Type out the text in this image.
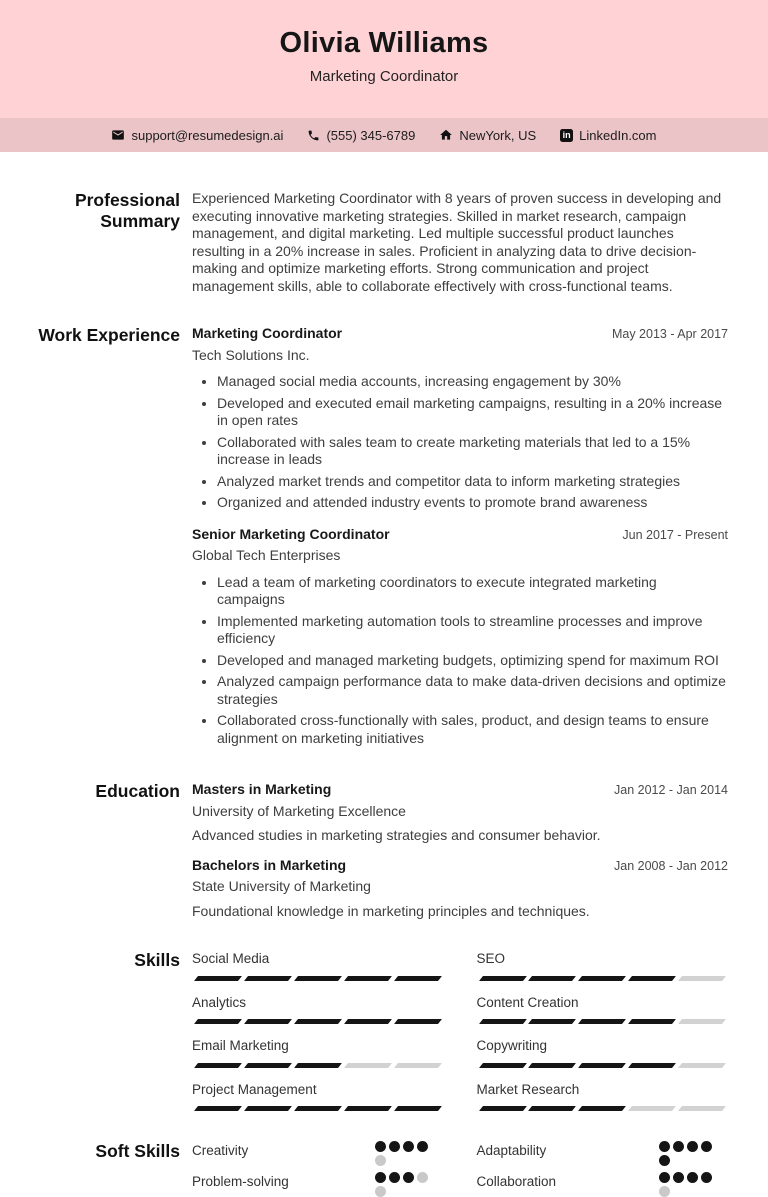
Olivia Williams
Marketing Coordinator
support@resumedesign.ai	(555) 345-6789	NewYork, US	in LinkedIn.com
Professional Summary

Experienced Marketing Coordinator with 8 years of proven success in developing and executing innovative marketing strategies. Skilled in market research, campaign management, and digital marketing. Led multiple successful product launches resulting in a 20% increase in sales. Proficient in analyzing data to drive decision-making and optimize marketing efforts. Strong communication and project management skills, able to collaborate effectively with cross-functional teams.

Work Experience Marketing Coordinator	May 2013 - Apr 2017
Tech Solutions Inc.
• Managed social media accounts, increasing engagement by 30%
• Developed and executed email marketing campaigns, resulting in a 20% increase in open rates
• Collaborated with sales team to create marketing materials that led to a 15% increase in leads
• Analyzed market trends and competitor data to inform marketing strategies
• Organized and attended industry events to promote brand awareness
Senior Marketing Coordinator	Jun 2017 - Present
Global Tech Enterprises
• Lead a team of marketing coordinators to execute integrated marketing campaigns
• Implemented marketing automation tools to streamline processes and improve efficiency
• Developed and managed marketing budgets, optimizing spend for maximum ROI
• Analyzed campaign performance data to make data-driven decisions and optimize strategies
• Collaborated cross-functionally with sales, product, and design teams to ensure alignment on marketing initiatives
Education Masters in Marketing	Jan 2012 - Jan 2014
University of Marketing Excellence
Advanced studies in marketing strategies and consumer behavior.
Bachelors in Marketing	Jan 2008 - Jan 2012
State University of Marketing
Foundational knowledge in marketing principles and techniques.
Skills Social Media	SEO
Analytics	Content Creation
Email Marketing	Copywriting
Project Management	Market Research
Soft Skills Creativity	Adaptability
Problem-solving	Collaboration
